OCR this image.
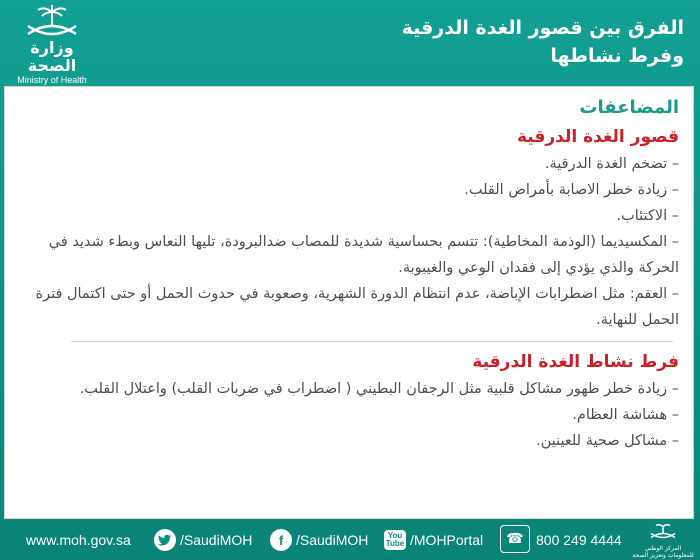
وزارة الصحة
Ministry of Health
الفرق بين قصور الغدة الدرقية
وفرط نشاطها
المضاعفات
قصور الغدة الدرقية
– تضخم الغدة الدرقية.
– زيادة خطر الاصابة بأمراض القلب.
– الاكتئاب.
– المكسيديما (الوذمة المخاطية): تتسم بحساسية شديدة للمصاب ضدالبرودة، تليها النعاس وبطء شديد في الحركة والذي يؤدي إلى فقدان الوعي والغيبوبة.
– العقم: مثل اضطرابات الإباضة، عدم انتظام الدورة الشهرية، وصعوبة في حدوث الحمل أو حتى اكتمال فترة الحمل للنهاية.
فرط نشاط الغدة الدرقية
– زيادة خطر ظهور مشاكل قلبية مثل الرجفان البطيني ( اضطراب في ضربات القلب) واعتلال القلب.
– هشاشة العظام.
– مشاكل صحية للعينين.
www.moh.gov.sa	/SaudiMOH	f /SaudiMOH You
Tube /MOHPortal	☎ 800 249 4444
المركز الوطني للمعلومات وتعزيز الصحة
